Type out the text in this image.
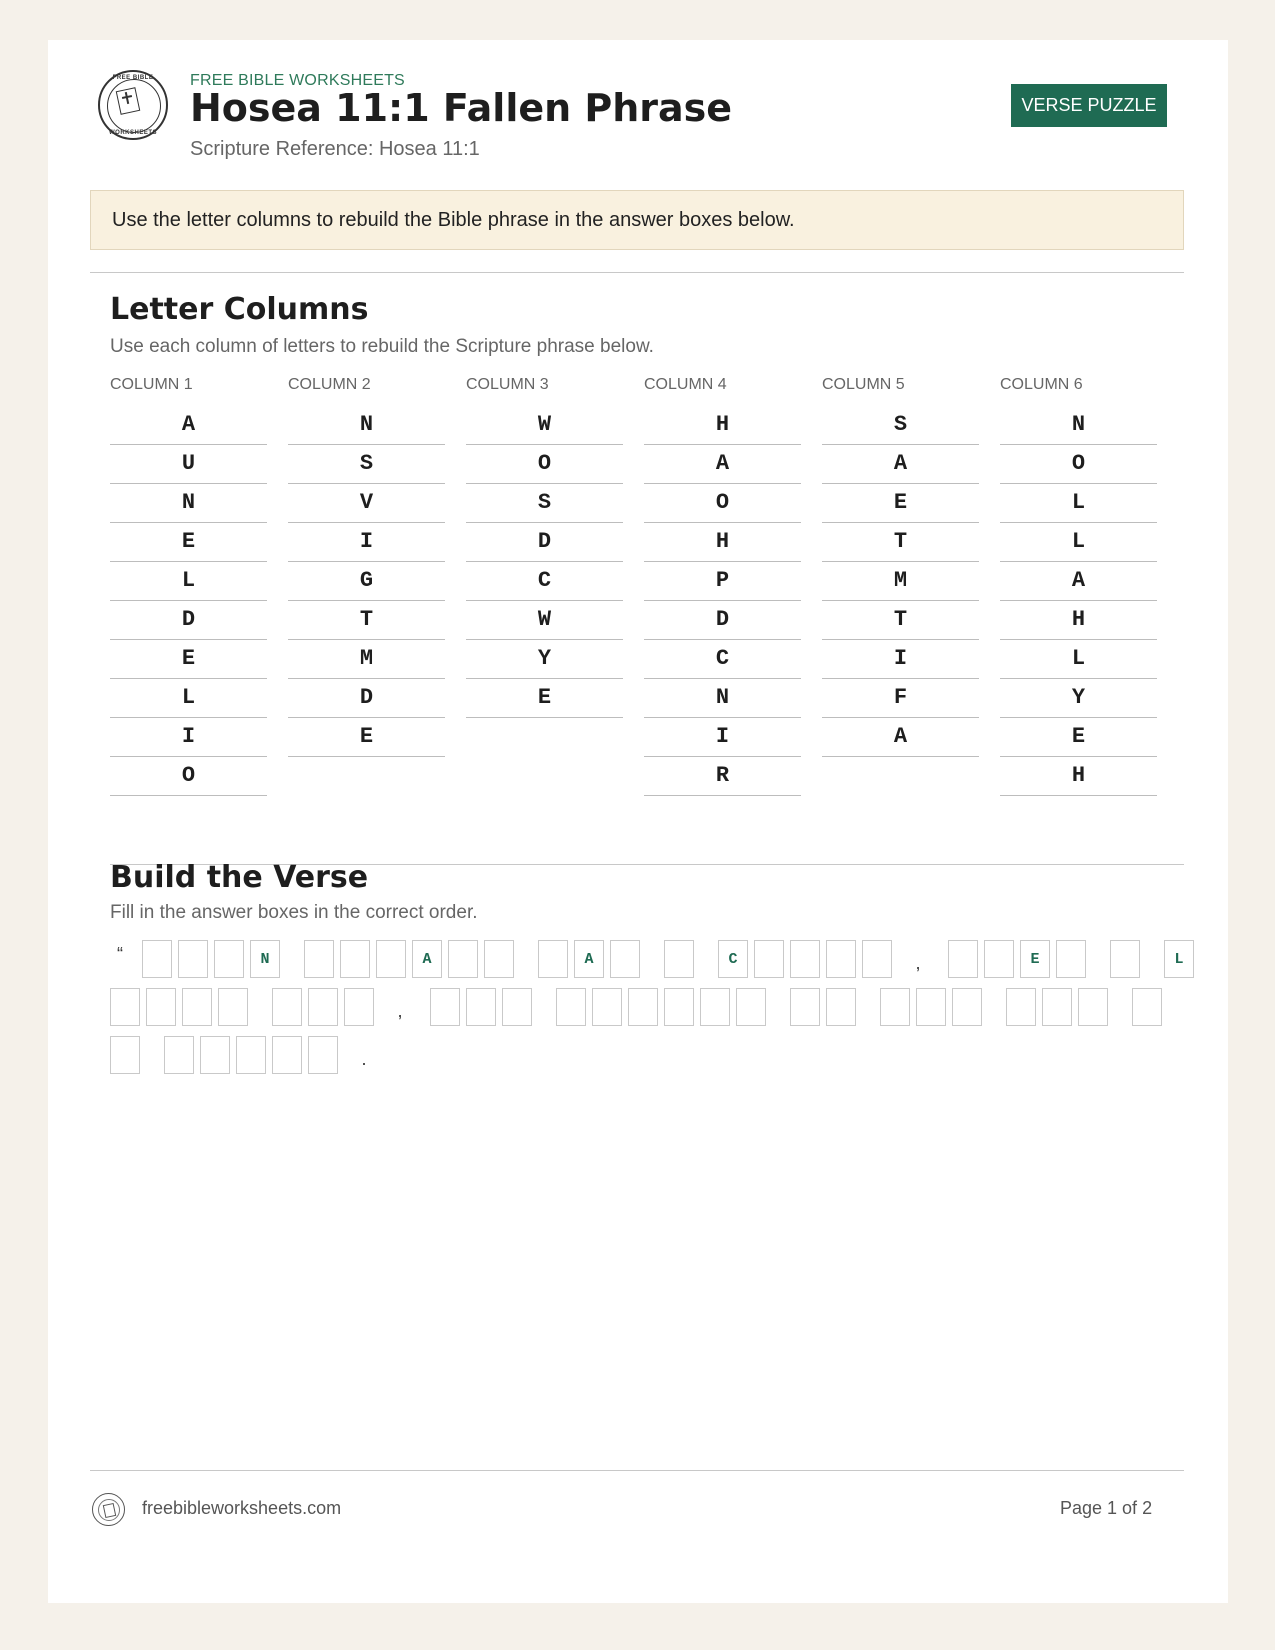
FREE BIBLE
WORKSHEETS
FREE BIBLE WORKSHEETS
Hosea 11:1 Fallen Phrase
Scripture Reference: Hosea 11:1
VERSE PUZZLE
Use the letter columns to rebuild the Bible phrase in the answer boxes below.
Letter Columns
Use each column of letters to rebuild the Scripture phrase below.
COLUMN 1
A
U
N
E
L
D
E
L
I
O
COLUMN 2
N
S
V
I
G
T
M
D
E
COLUMN 3
W
O
S
D
C
W
Y
E
COLUMN 4
H
A
O
H
P
D
C
N
I
R
COLUMN 5
S
A
E
T
M
T
I
F
A
COLUMN 6
N
O
L
L
A
H
L
Y
E
H
Build the Verse
Fill in the answer boxes in the correct order.
“	N	A	A	C	,	E	L
,
.
freebibleworksheets.com	Page 1 of 2
